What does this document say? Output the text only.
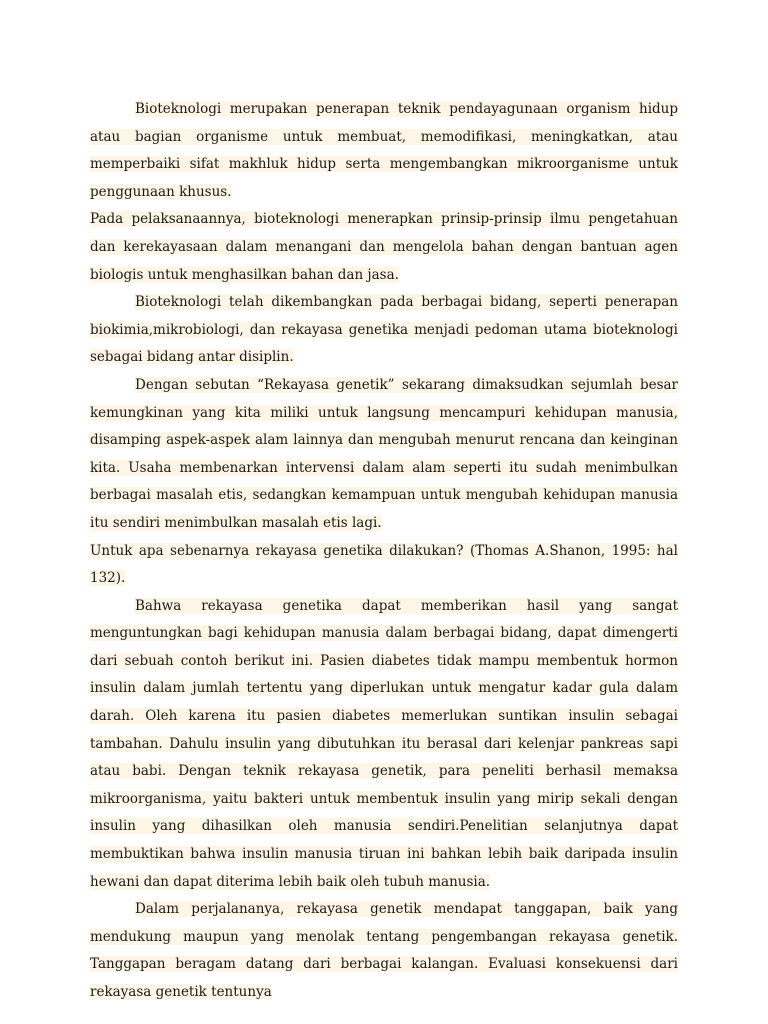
Bioteknologi merupakan penerapan teknik pendayagunaan organism hidup atau bagian organisme untuk membuat, memodifikasi, meningkatkan, atau memperbaiki sifat makhluk hidup serta mengembangkan mikroorganisme untuk penggunaan khusus.

Pada pelaksanaannya, bioteknologi menerapkan prinsip-prinsip ilmu pengetahuan dan kerekayasaan dalam menangani dan mengelola bahan dengan bantuan agen biologis untuk menghasilkan bahan dan jasa.

Bioteknologi telah dikembangkan pada berbagai bidang, seperti penerapan biokimia,mikrobiologi, dan rekayasa genetika menjadi pedoman utama bioteknologi sebagai bidang antar disiplin.

Dengan sebutan “Rekayasa genetik” sekarang dimaksudkan sejumlah besar kemungkinan yang kita miliki untuk langsung mencampuri kehidupan manusia, disamping aspek-aspek alam lainnya dan mengubah menurut rencana dan keinginan kita. Usaha membenarkan intervensi dalam alam seperti itu sudah menimbulkan berbagai masalah etis, sedangkan kemampuan untuk mengubah kehidupan manusia itu sendiri menimbulkan masalah etis lagi.

Untuk apa sebenarnya rekayasa genetika dilakukan? (Thomas A.Shanon, 1995: hal 132).

Bahwa rekayasa genetika dapat memberikan hasil yang sangat menguntungkan bagi kehidupan manusia dalam berbagai bidang, dapat dimengerti dari sebuah contoh berikut ini. Pasien diabetes tidak mampu membentuk hormon insulin dalam jumlah tertentu yang diperlukan untuk mengatur kadar gula dalam darah. Oleh karena itu pasien diabetes memerlukan suntikan insulin sebagai tambahan. Dahulu insulin yang dibutuhkan itu berasal dari kelenjar pankreas sapi atau babi. Dengan teknik rekayasa genetik, para peneliti berhasil memaksa mikroorganisma, yaitu bakteri untuk membentuk insulin yang mirip sekali dengan insulin yang dihasilkan oleh manusia sendiri.Penelitian selanjutnya dapat membuktikan bahwa insulin manusia tiruan ini bahkan lebih baik daripada insulin hewani dan dapat diterima lebih baik oleh tubuh manusia.

Dalam perjalananya, rekayasa genetik mendapat tanggapan, baik yang mendukung maupun yang menolak tentang pengembangan rekayasa genetik. Tanggapan beragam datang dari berbagai kalangan. Evaluasi konsekuensi dari rekayasa genetik tentunya
